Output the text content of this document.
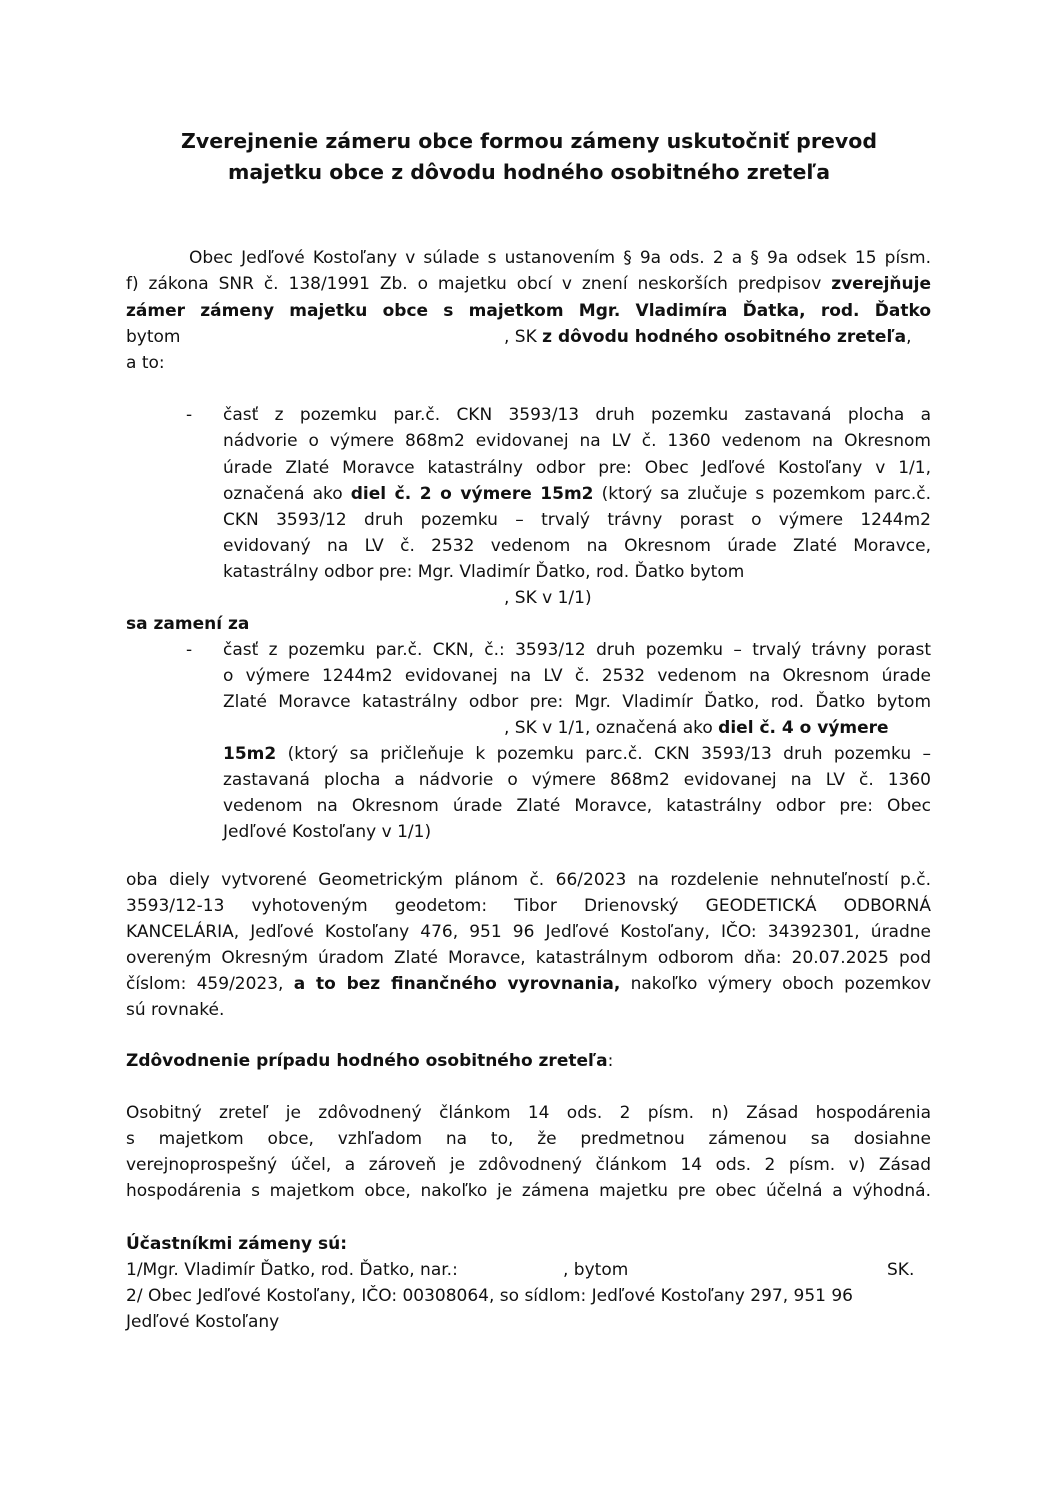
Zverejnenie zámeru obce formou zámeny uskutočniť prevod
majetku obce z dôvodu hodného osobitného zreteľa
Obec Jedľové Kostoľany v súlade s ustanovením § 9a ods. 2 a § 9a odsek 15 písm.
f) zákona SNR č. 138/1991 Zb. o majetku obcí v znení neskorších predpisov zverejňuje
zámer zámeny majetku obce s majetkom Mgr. Vladimíra Ďatka, rod. Ďatko
bytom	, SK z dôvodu hodného osobitného zreteľa,
a to:
- časť z pozemku par.č. CKN 3593/13 druh pozemku zastavaná plocha a
nádvorie o výmere 868m2 evidovanej na LV č. 1360 vedenom na Okresnom
úrade Zlaté Moravce katastrálny odbor pre: Obec Jedľové Kostoľany v 1/1,
označená ako diel č. 2 o výmere 15m2 (ktorý sa zlučuje s pozemkom parc.č.
CKN 3593/12 druh pozemku – trvalý trávny porast o výmere 1244m2
evidovaný na LV č. 2532 vedenom na Okresnom úrade Zlaté Moravce,
katastrálny odbor pre: Mgr. Vladimír Ďatko, rod. Ďatko bytom
, SK v 1/1)
sa zamení za
- časť z pozemku par.č. CKN, č.: 3593/12 druh pozemku – trvalý trávny porast
o výmere 1244m2 evidovanej na LV č. 2532 vedenom na Okresnom úrade
Zlaté Moravce katastrálny odbor pre: Mgr. Vladimír Ďatko, rod. Ďatko bytom
, SK v 1/1, označená ako diel č. 4 o výmere
15m2 (ktorý sa pričleňuje k pozemku parc.č. CKN 3593/13 druh pozemku –
zastavaná plocha a nádvorie o výmere 868m2 evidovanej na LV č. 1360
vedenom na Okresnom úrade Zlaté Moravce, katastrálny odbor pre: Obec
Jedľové Kostoľany v 1/1)
oba diely vytvorené Geometrickým plánom č. 66/2023 na rozdelenie nehnuteľností p.č.
3593/12-13 vyhotoveným geodetom: Tibor Drienovský GEODETICKÁ ODBORNÁ
KANCELÁRIA, Jedľové Kostoľany 476, 951 96 Jedľové Kostoľany, IČO: 34392301, úradne
overeným Okresným úradom Zlaté Moravce, katastrálnym odborom dňa: 20.07.2025 pod
číslom: 459/2023, a to bez finančného vyrovnania, nakoľko výmery oboch pozemkov
sú rovnaké.
Zdôvodnenie prípadu hodného osobitného zreteľa:
Osobitný zreteľ je zdôvodnený článkom 14 ods. 2 písm. n) Zásad hospodárenia
s majetkom obce, vzhľadom na to, že predmetnou zámenou sa dosiahne
verejnoprospešný účel, a zároveň je zdôvodnený článkom 14 ods. 2 písm. v) Zásad
hospodárenia s majetkom obce, nakoľko je zámena majetku pre obec účelná a výhodná.
Účastníkmi zámeny sú:
1/Mgr. Vladimír Ďatko, rod. Ďatko, nar.:	, bytom	SK.
2/ Obec Jedľové Kostoľany, IČO: 00308064, so sídlom: Jedľové Kostoľany 297, 951 96
Jedľové Kostoľany
